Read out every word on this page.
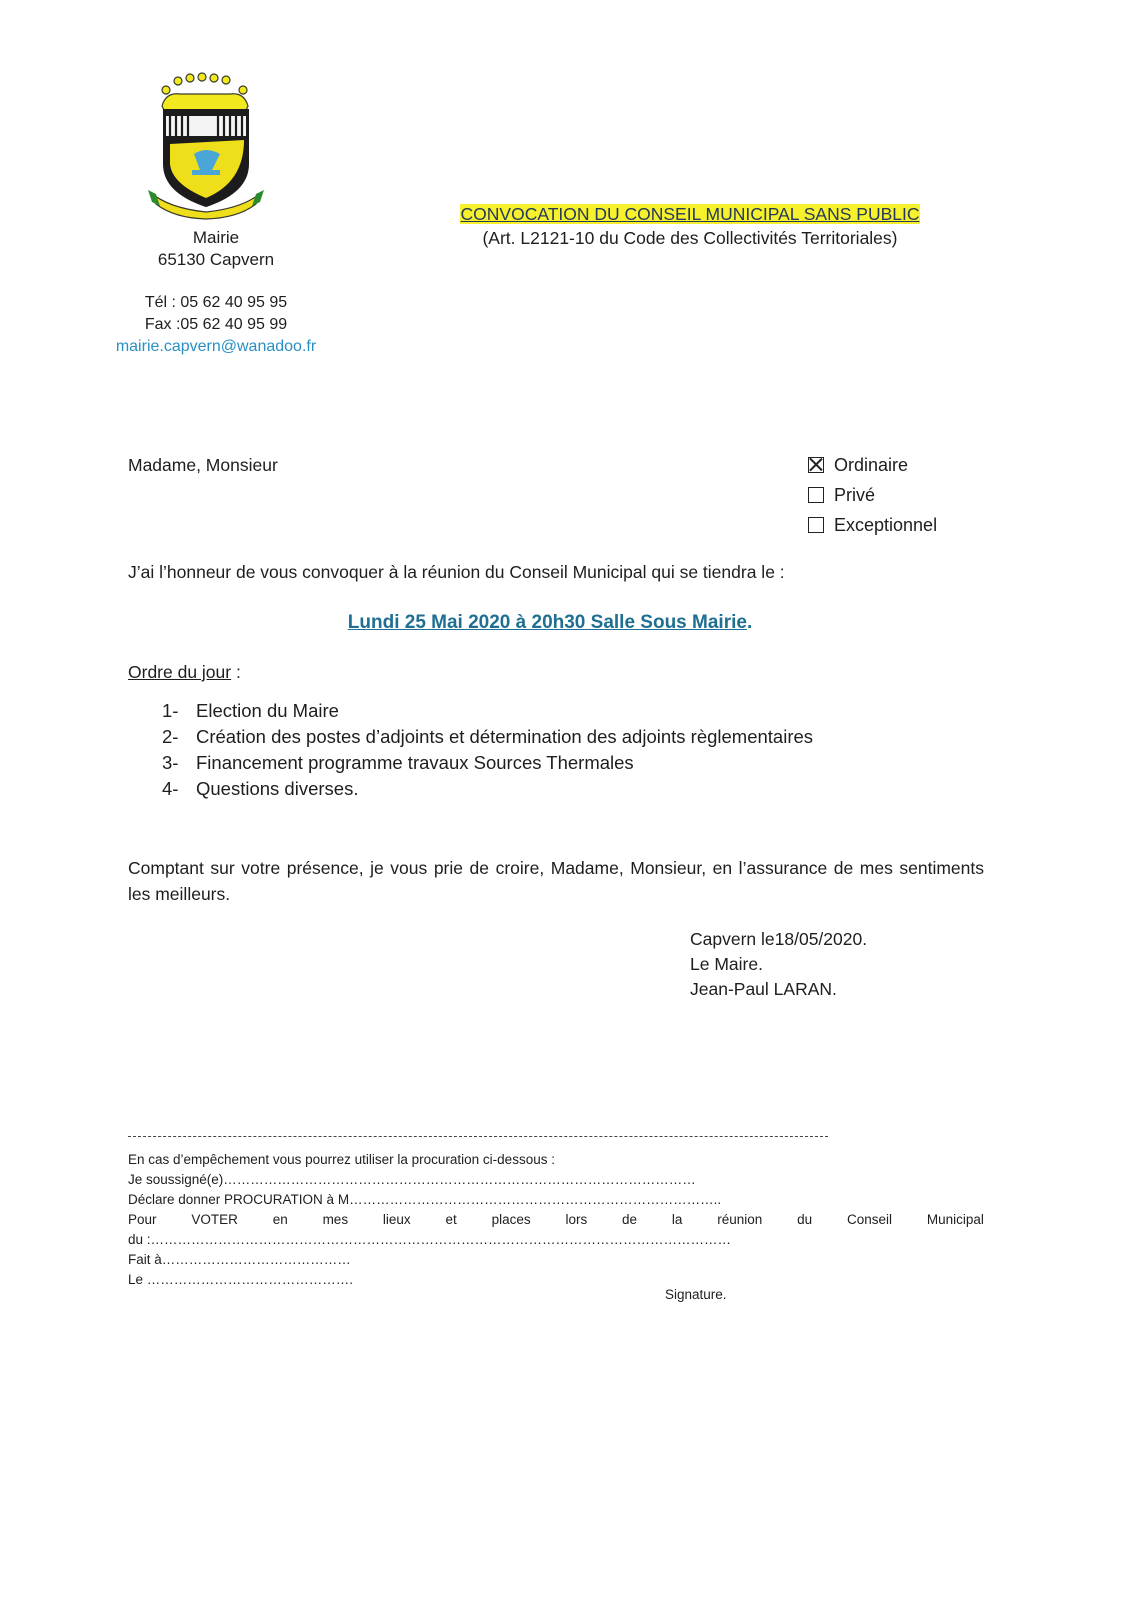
Mairie
65130 Capvern
Tél : 05 62 40 95 95
Fax :05 62 40 95 99
mairie.capvern@wanadoo.fr
CONVOCATION DU CONSEIL MUNICIPAL SANS PUBLIC
(Art. L2121-10 du Code des Collectivités Territoriales)
Madame, Monsieur	Ordinaire
Privé
Exceptionnel
J’ai l’honneur de vous convoquer à la réunion du Conseil Municipal qui se tiendra le :
Lundi 25 Mai 2020 à 20h30 Salle Sous Mairie.
Ordre du jour :
1- Election du Maire
2- Création des postes d’adjoints et détermination des adjoints règlementaires
3- Financement programme travaux Sources Thermales
4- Questions diverses.
Comptant sur votre présence, je vous prie de croire, Madame, Monsieur, en l’assurance de mes sentiments les meilleurs.
Capvern le18/05/2020.
Le Maire.
Jean-Paul LARAN.
En cas d’empêchement vous pourrez utiliser la procuration ci-dessous :
Je soussigné(e)……………………………………………………………………………………………
Déclare donner PROCURATION à M………………………………………………………………………..
Pour	VOTER	en	mes	lieux	et	places	lors	de	la	réunion	du	Conseil	Municipal
du :…………………………………………………………………………………………………………………
Fait à……………………………………
Le ……………………………………….
Signature.
